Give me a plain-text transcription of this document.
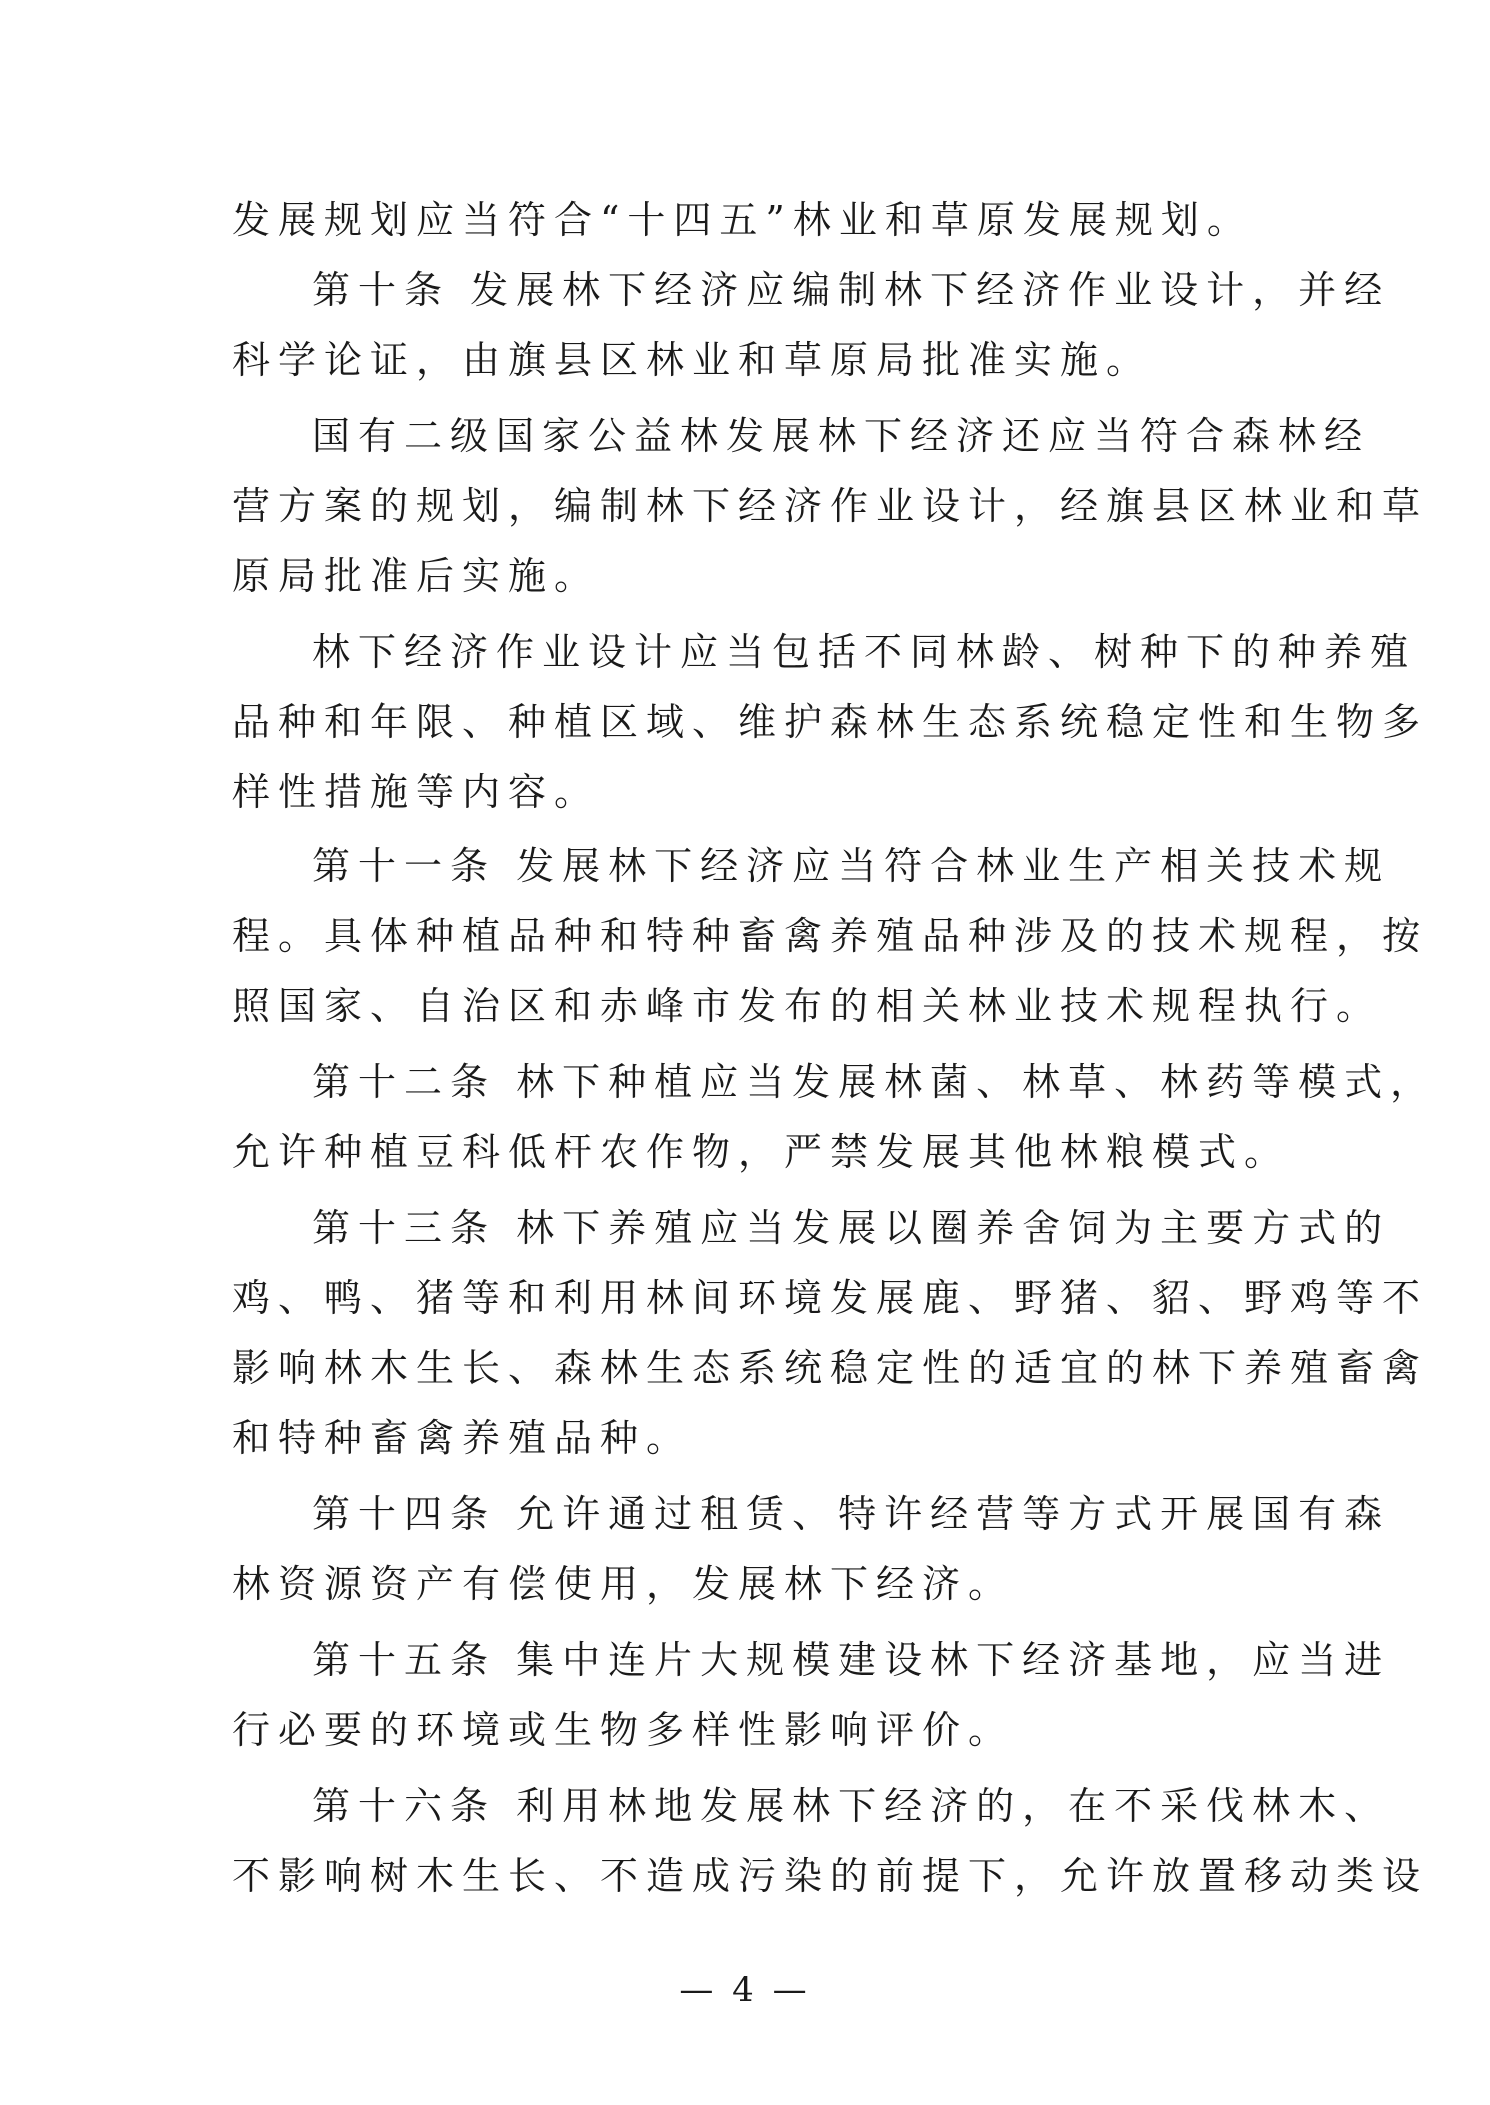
发展规划应当符合“十四五”林业和草原发展规划。
第十条 发展林下经济应编制林下经济作业设计，并经
科学论证，由旗县区林业和草原局批准实施。
国有二级国家公益林发展林下经济还应当符合森林经
营方案的规划，编制林下经济作业设计，经旗县区林业和草
原局批准后实施。
林下经济作业设计应当包括不同林龄、树种下的种养殖
品种和年限、种植区域、维护森林生态系统稳定性和生物多
样性措施等内容。
第十一条 发展林下经济应当符合林业生产相关技术规
程。具体种植品种和特种畜禽养殖品种涉及的技术规程，按
照国家、自治区和赤峰市发布的相关林业技术规程执行。
第十二条 林下种植应当发展林菌、林草、林药等模式，
允许种植豆科低杆农作物，严禁发展其他林粮模式。
第十三条 林下养殖应当发展以圈养舍饲为主要方式的
鸡、鸭、猪等和利用林间环境发展鹿、野猪、貂、野鸡等不
影响林木生长、森林生态系统稳定性的适宜的林下养殖畜禽
和特种畜禽养殖品种。
第十四条 允许通过租赁、特许经营等方式开展国有森
林资源资产有偿使用，发展林下经济。
第十五条 集中连片大规模建设林下经济基地，应当进
行必要的环境或生物多样性影响评价。
第十六条 利用林地发展林下经济的，在不采伐林木、
不影响树木生长、不造成污染的前提下，允许放置移动类设
— 4 —
